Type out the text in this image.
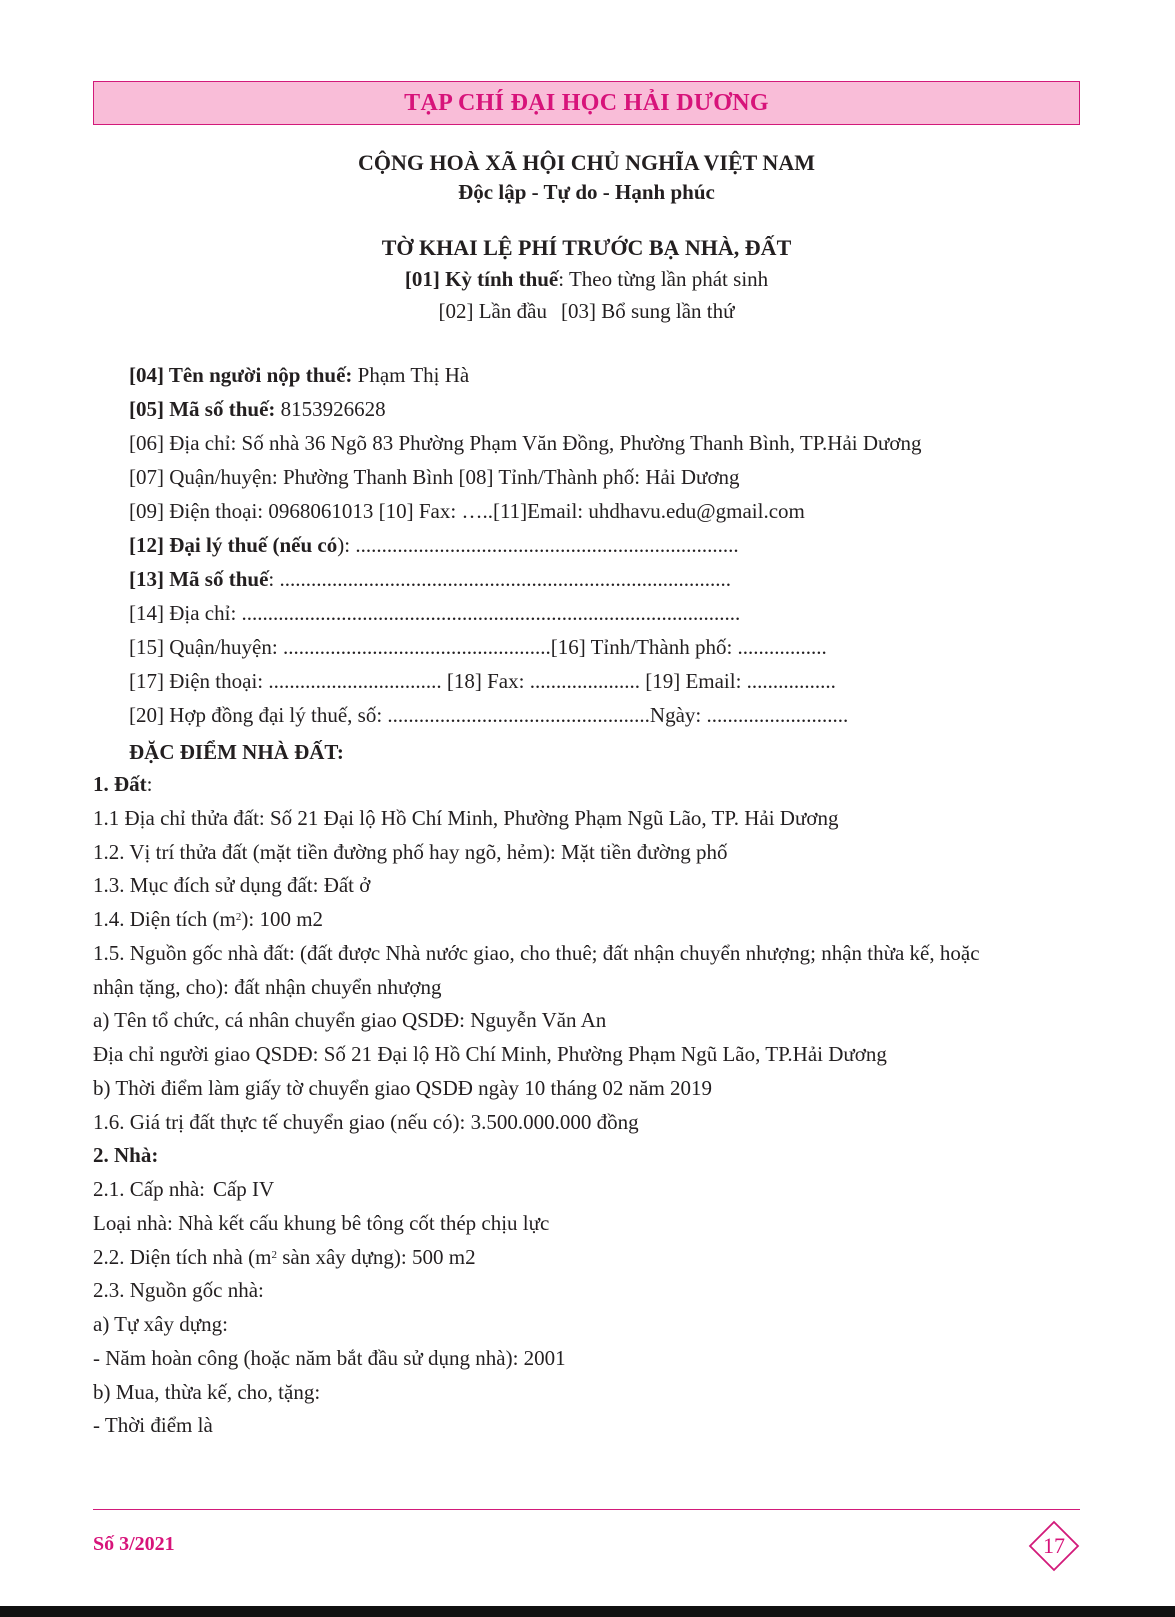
TẠP CHÍ ĐẠI HỌC HẢI DƯƠNG
CỘNG HOÀ XÃ HỘI CHỦ NGHĨA VIỆT NAM
Độc lập - Tự do - Hạnh phúc
TỜ KHAI LỆ PHÍ TRƯỚC BẠ NHÀ, ĐẤT
[01] Kỳ tính thuế: Theo từng lần phát sinh
[02] Lần đầu [03] Bổ sung lần thứ
[04] Tên người nộp thuế: Phạm Thị Hà
[05] Mã số thuế: 8153926628
[06] Địa chỉ: Số nhà 36 Ngõ 83 Phường Phạm Văn Đồng, Phường Thanh Bình, TP.Hải Dương
[07] Quận/huyện: Phường Thanh Bình [08] Tỉnh/Thành phố: Hải Dương
[09] Điện thoại: 0968061013 [10] Fax: …..[11]Email: uhdhavu.edu@gmail.com
[12] Đại lý thuế (nếu có): .........................................................................
[13] Mã số thuế: ......................................................................................
[14] Địa chỉ: ...............................................................................................
[15] Quận/huyện: ...................................................[16] Tỉnh/Thành phố: .................
[17] Điện thoại: ................................. [18] Fax: ..................... [19] Email: .................
[20] Hợp đồng đại lý thuế, số: ..................................................Ngày: ...........................
ĐẶC ĐIỂM NHÀ ĐẤT:
1. Đất:
1.1 Địa chỉ thửa đất: Số 21 Đại lộ Hồ Chí Minh, Phường Phạm Ngũ Lão, TP. Hải Dương
1.2. Vị trí thửa đất (mặt tiền đường phố hay ngõ, hẻm): Mặt tiền đường phố
1.3. Mục đích sử dụng đất: Đất ở
1.4. Diện tích $(m^2)$: 100 m2
1.5. Nguồn gốc nhà đất: (đất được Nhà nước giao, cho thuê; đất nhận chuyển nhượng; nhận thừa kế, hoặc
nhận tặng, cho): đất nhận chuyển nhượng
a) Tên tổ chức, cá nhân chuyển giao QSDĐ: Nguyễn Văn An
Địa chỉ người giao QSDĐ: Số 21 Đại lộ Hồ Chí Minh, Phường Phạm Ngũ Lão, TP.Hải Dương
b) Thời điểm làm giấy tờ chuyển giao QSDĐ ngày 10 tháng 02 năm 2019
1.6. Giá trị đất thực tế chuyển giao (nếu có): 3.500.000.000 đồng
2. Nhà:
2.1. Cấp nhà: Cấp IV
Loại nhà: Nhà kết cấu khung bê tông cốt thép chịu lực
2.2. Diện tích nhà ($m^2$ sàn xây dựng): 500 m2
2.3. Nguồn gốc nhà:
a) Tự xây dựng:
- Năm hoàn công (hoặc năm bắt đầu sử dụng nhà): 2001
b) Mua, thừa kế, cho, tặng:
- Thời điểm là
Số 3/2021	17
